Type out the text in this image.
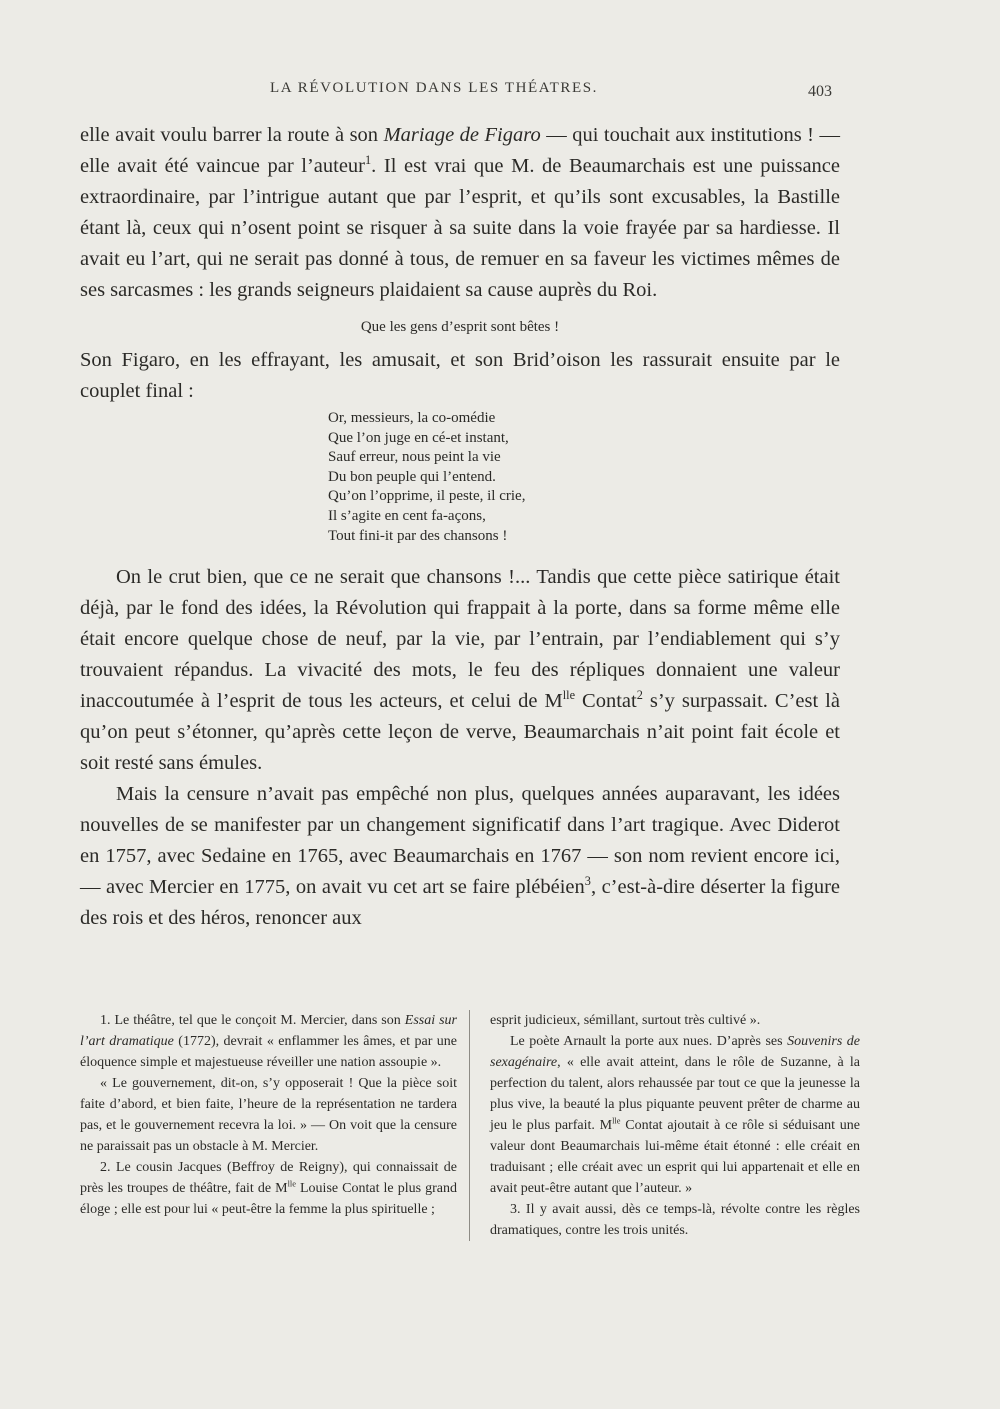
LA RÉVOLUTION DANS LES THÉATRES.	403

elle avait voulu barrer la route à son Mariage de Figaro — qui touchait aux institutions ! — elle avait été vaincue par l’auteur$^1$. Il est vrai que M. de Beaumarchais est une puissance extraordinaire, par l’intrigue autant que par l’esprit, et qu’ils sont excusables, la Bastille étant là, ceux qui n’osent point se risquer à sa suite dans la voie frayée par sa hardiesse. Il avait eu l’art, qui ne serait pas donné à tous, de remuer en sa faveur les victimes mêmes de ses sarcasmes : les grands seigneurs plaidaient sa cause auprès du Roi.

Que les gens d’esprit sont bêtes !

Son Figaro, en les effrayant, les amusait, et son Brid’oison les rassurait ensuite par le couplet final :

Or, messieurs, la co-omédie
Que l’on juge en cé-et instant,
Sauf erreur, nous peint la vie
Du bon peuple qui l’entend.
Qu’on l’opprime, il peste, il crie,
Il s’agite en cent fa-açons,
Tout fini-it par des chansons !

On le crut bien, que ce ne serait que chansons !... Tandis que cette pièce satirique était déjà, par le fond des idées, la Révolution qui frappait à la porte, dans sa forme même elle était encore quelque chose de neuf, par la vie, par l’entrain, par l’endiablement qui s’y trouvaient répandus. La vivacité des mots, le feu des répliques donnaient une valeur inaccoutumée à l’esprit de tous les acteurs, et celui de $M^{lle}$ Contat$^2$ s’y surpassait. C’est là qu’on peut s’étonner, qu’après cette leçon de verve, Beaumarchais n’ait point fait école et soit resté sans émules.

Mais la censure n’avait pas empêché non plus, quelques années auparavant, les idées nouvelles de se manifester par un changement significatif dans l’art tragique. Avec Diderot en 1757, avec Sedaine en 1765, avec Beaumarchais en 1767 — son nom revient encore ici, — avec Mercier en 1775, on avait vu cet art se faire plébéien$^3$, c’est-à-dire déserter la figure des rois et des héros, renoncer aux

1. Le théâtre, tel que le conçoit M. Mercier, dans son Essai sur l’art dramatique (1772), devrait « enflammer les âmes, et par une éloquence simple et majestueuse réveiller une nation assoupie ».

« Le gouvernement, dit-on, s’y opposerait ! Que la pièce soit faite d’abord, et bien faite, l’heure de la représentation ne tardera pas, et le gouvernement recevra la loi. » — On voit que la censure ne paraissait pas un obstacle à M. Mercier.

2. Le cousin Jacques (Beffroy de Reigny), qui connaissait de près les troupes de théâtre, fait de $M^{lle}$ Louise Contat le plus grand éloge ; elle est pour lui « peut-être la femme la plus spirituelle ;

esprit judicieux, sémillant, surtout très cultivé ».

Le poète Arnault la porte aux nues. D’après ses Souvenirs de sexagénaire, « elle avait atteint, dans le rôle de Suzanne, à la perfection du talent, alors rehaussée par tout ce que la jeunesse la plus vive, la beauté la plus piquante peuvent prêter de charme au jeu le plus parfait. $M^{lle}$ Contat ajoutait à ce rôle si séduisant une valeur dont Beaumarchais lui-même était étonné : elle créait en traduisant ; elle créait avec un esprit qui lui appartenait et elle en avait peut-être autant que l’auteur. »

3. Il y avait aussi, dès ce temps-là, révolte contre les règles dramatiques, contre les trois unités.
